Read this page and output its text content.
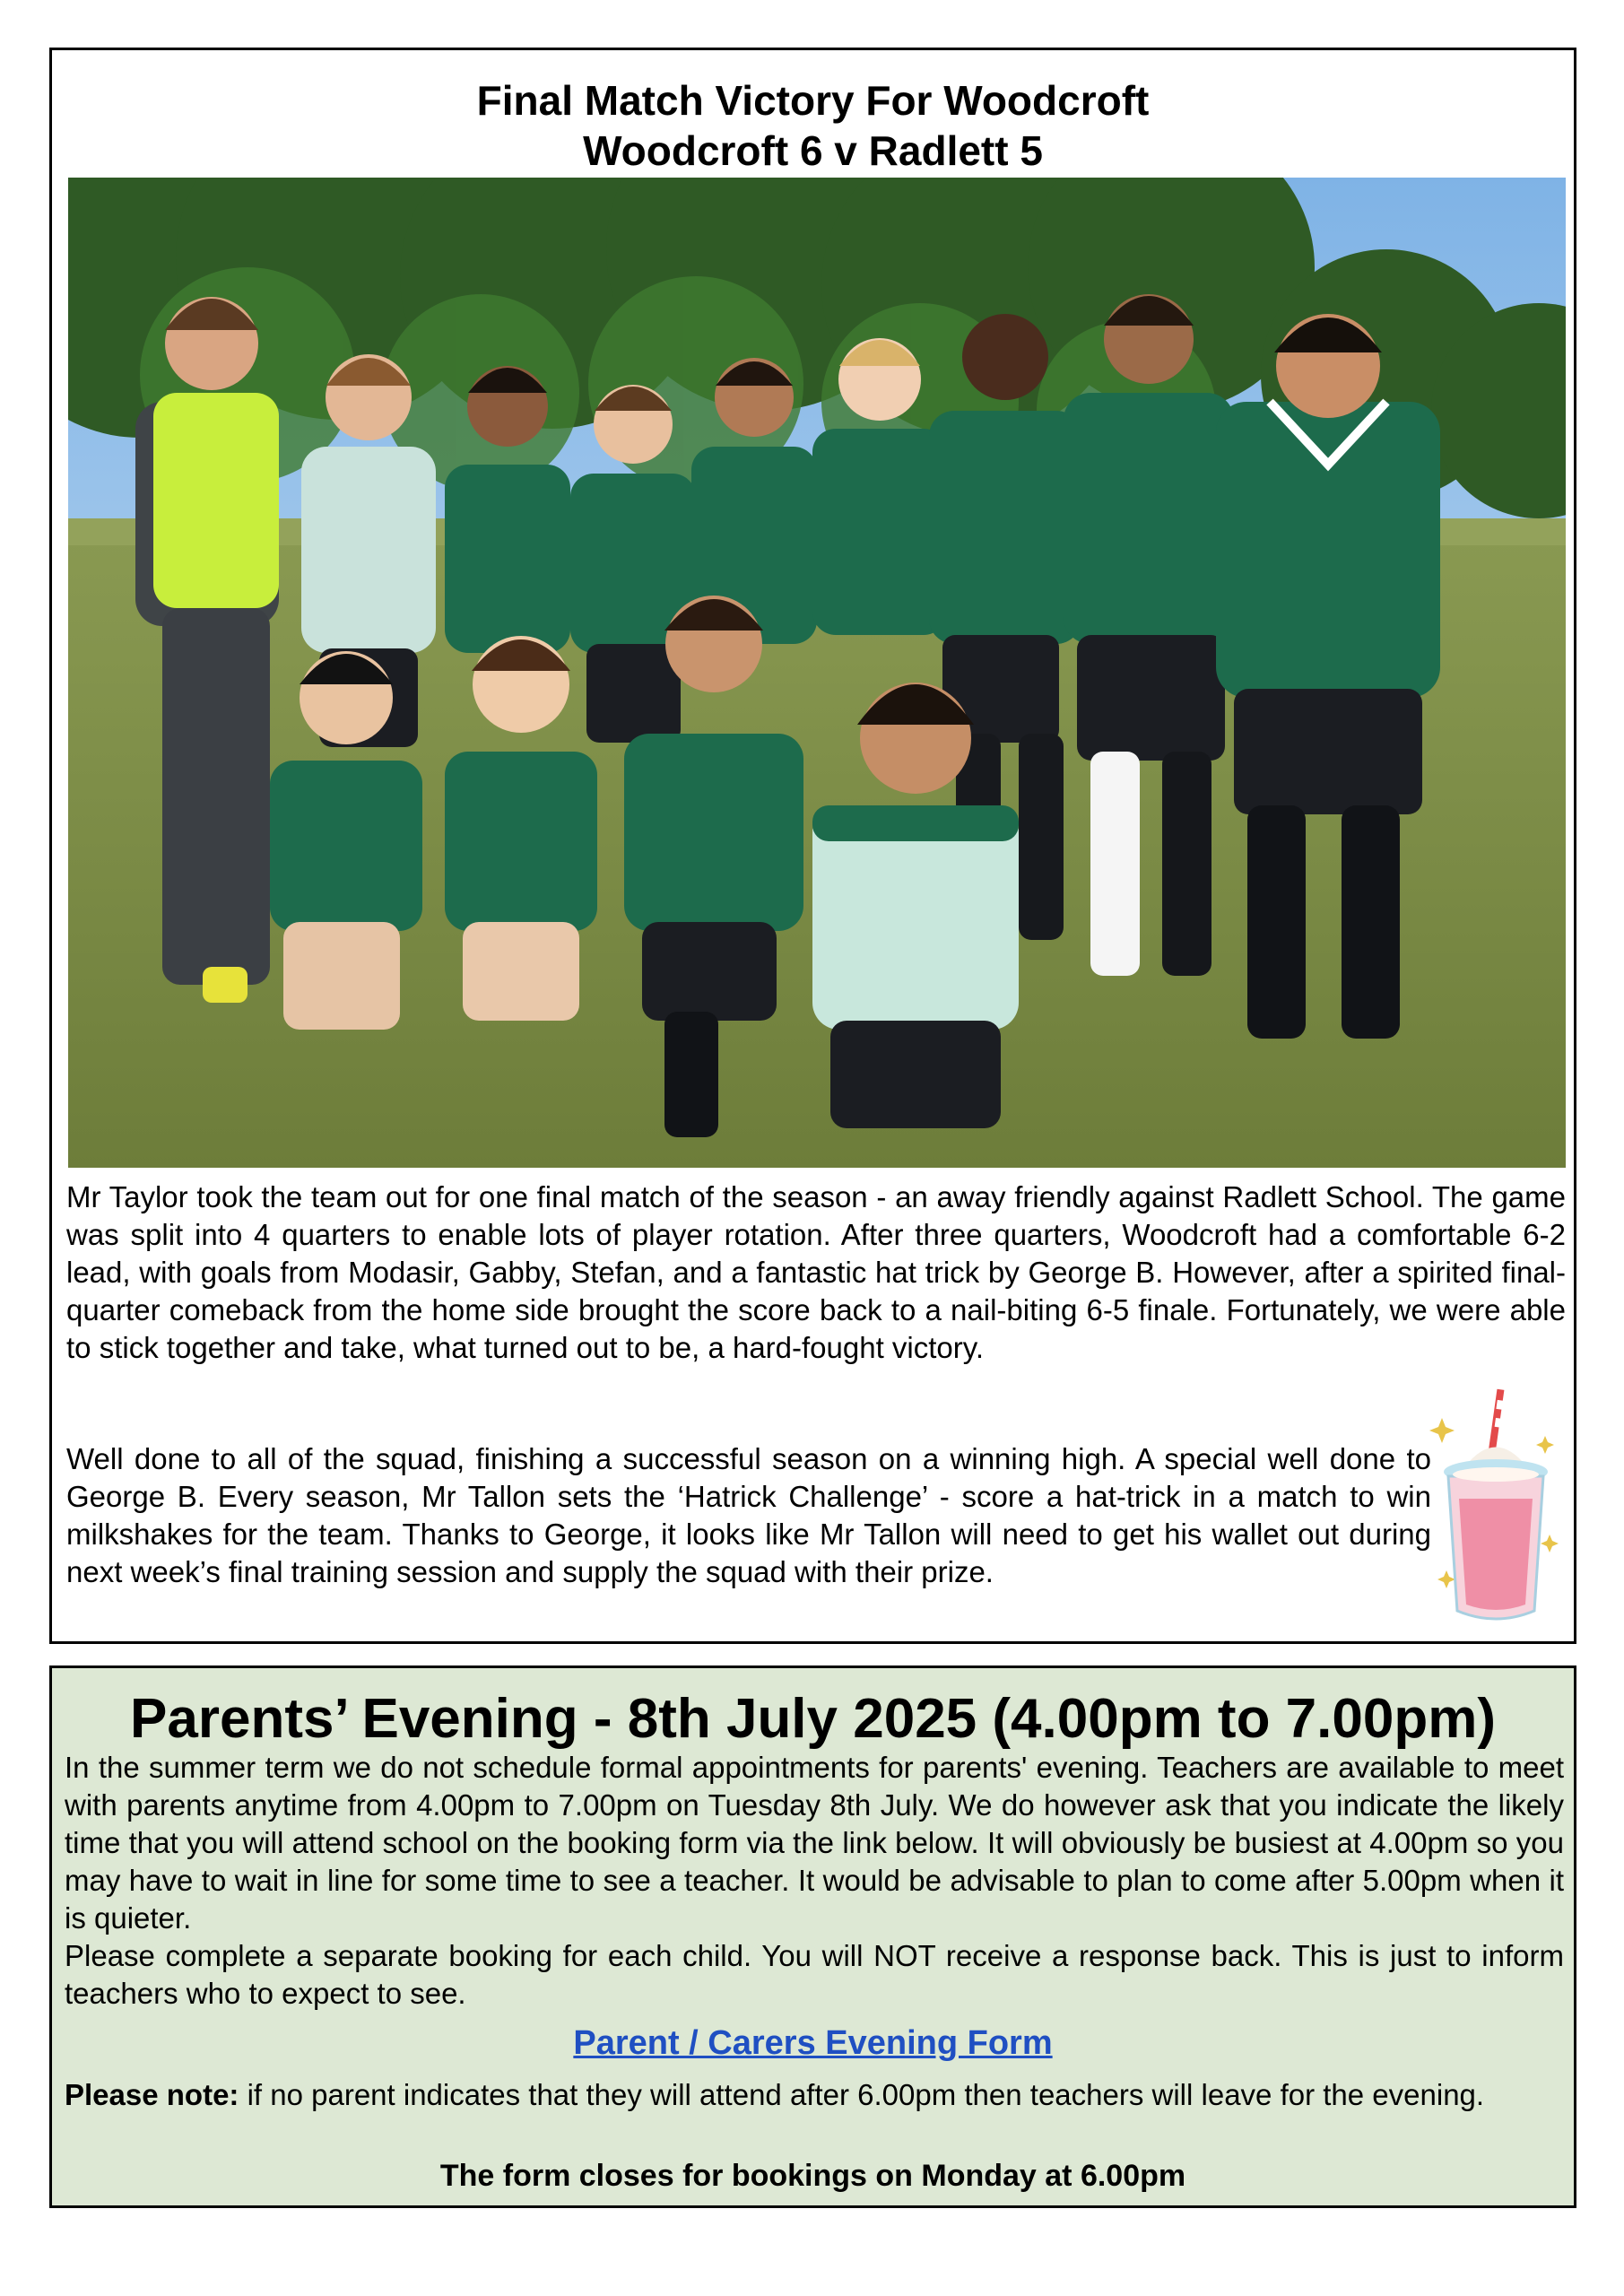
Final Match Victory For Woodcroft
Woodcroft 6 v Radlett 5

Mr Taylor took the team out for one final match of the season - an away friendly against Radlett School. The game was split into 4 quarters to enable lots of player rotation. After three quarters, Woodcroft had a comfortable 6-2 lead, with goals from Modasir, Gabby, Stefan, and a fantastic hat trick by George B. However, after a spirited final-quarter comeback from the home side brought the score back to a nail-biting 6-5 finale. Fortunately, we were able to stick together and take, what turned out to be, a hard-fought victory.

Well done to all of the squad, finishing a successful season on a winning high. A special well done to George B. Every season, Mr Tallon sets the ‘Hatrick Challenge’ - score a hat-trick in a match to win milkshakes for the team. Thanks to George, it looks like Mr Tallon will need to get his wallet out during next week’s final training session and supply the squad with their prize.

Parents’ Evening - 8th July 2025 (4.00pm to 7.00pm)

In the summer term we do not schedule formal appointments for parents' evening. Teachers are available to meet with parents anytime from 4.00pm to 7.00pm on Tuesday 8th July. We do however ask that you indicate the likely time that you will attend school on the booking form via the link below. It will obviously be busiest at 4.00pm so you may have to wait in line for some time to see a teacher. It would be advisable to plan to come after 5.00pm when it is quieter.

Please complete a separate booking for each child. You will NOT receive a response back. This is just to inform teachers who to expect to see.

Parent / Carers Evening Form

Please note: if no parent indicates that they will attend after 6.00pm then teachers will leave for the evening.

The form closes for bookings on Monday at 6.00pm
